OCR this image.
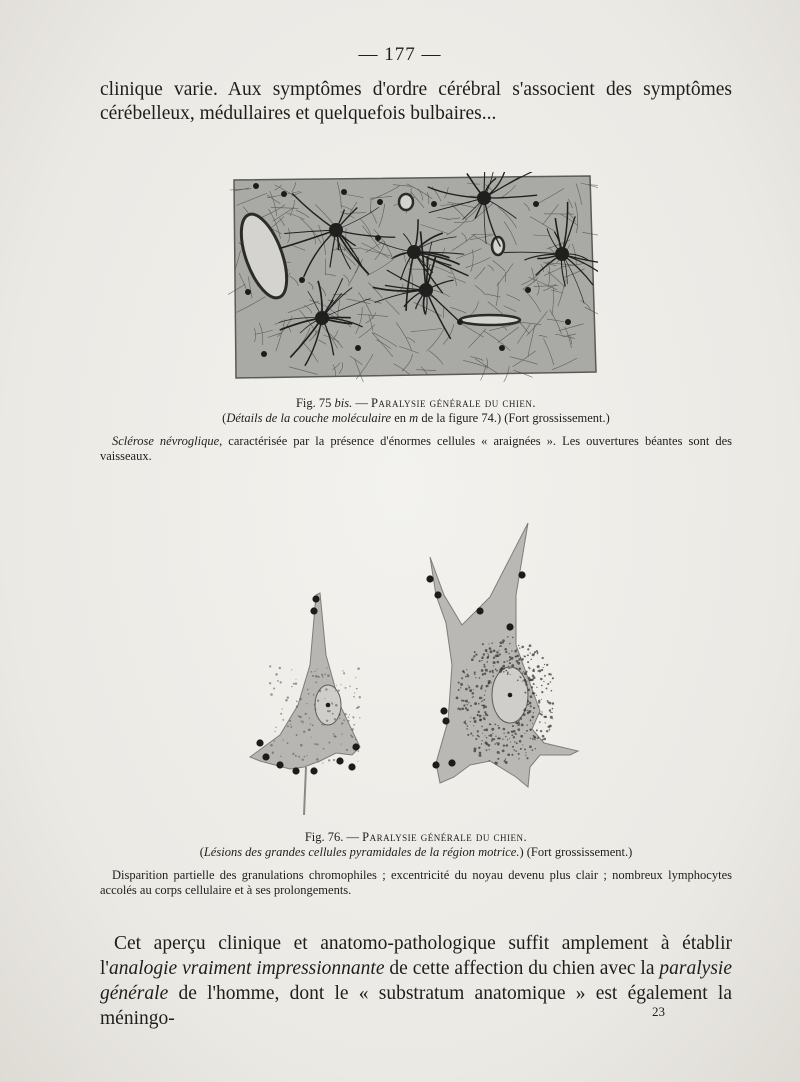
— 177 —
clinique varie. Aux symptômes d'ordre cérébral s'associent des symptômes cérébelleux, médullaires et quelquefois bulbaires...
Fig. 75 bis. — Paralysie générale du chien.
(Détails de la couche moléculaire en m de la figure 74.) (Fort grossissement.)
Sclérose névroglique, caractérisée par la présence d'énormes cellules « araignées ». Les ouvertures béantes sont des vaisseaux.
Fig. 76. — Paralysie générale du chien.
(Lésions des grandes cellules pyramidales de la région motrice.) (Fort grossissement.)
Disparition partielle des granulations chromophiles ; excentricité du noyau devenu plus clair ; nombreux lymphocytes accolés au corps cellulaire et à ses prolongements.
Cet aperçu clinique et anatomo-pathologique suffit amplement à établir l'analogie vraiment impressionnante de cette affection du chien avec la paralysie générale de l'homme, dont le « substratum anatomique » est également la méningo-	23
